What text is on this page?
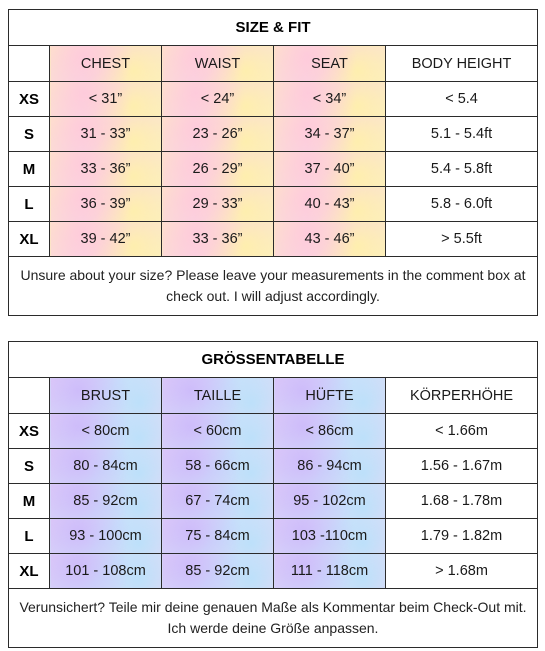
SIZE & FIT				
	CHEST	WAIST	SEAT	BODY HEIGHT
XS	< 31”	< 24”	< 34”	< 5.4
S	31 - 33”	23 - 26”	34 - 37”	5.1 - 5.4ft
M	33 - 36”	26 - 29”	37 - 40”	5.4 - 5.8ft
L	36 - 39”	29 - 33”	40 - 43”	5.8 - 6.0ft
XL	39 - 42”	33 - 36”	43 - 46”	> 5.5ft
Unsure about your size? Please leave your measurements in the comment box at check out. I will adjust accordingly.				
GRÖSSENTABELLE				
	BRUST	TAILLE	HÜFTE	KÖRPERHÖHE
XS	< 80cm	< 60cm	< 86cm	< 1.66m
S	80 - 84cm	58 - 66cm	86 - 94cm	1.56 - 1.67m
M	85 - 92cm	67 - 74cm	95 - 102cm	1.68 - 1.78m
L	93 - 100cm	75 - 84cm	103 -110cm	1.79 - 1.82m
XL	101 - 108cm	85 - 92cm	111 - 118cm	> 1.68m
Verunsichert? Teile mir deine genauen Maße als Kommentar beim Check-Out mit. Ich werde deine Größe anpassen.				
